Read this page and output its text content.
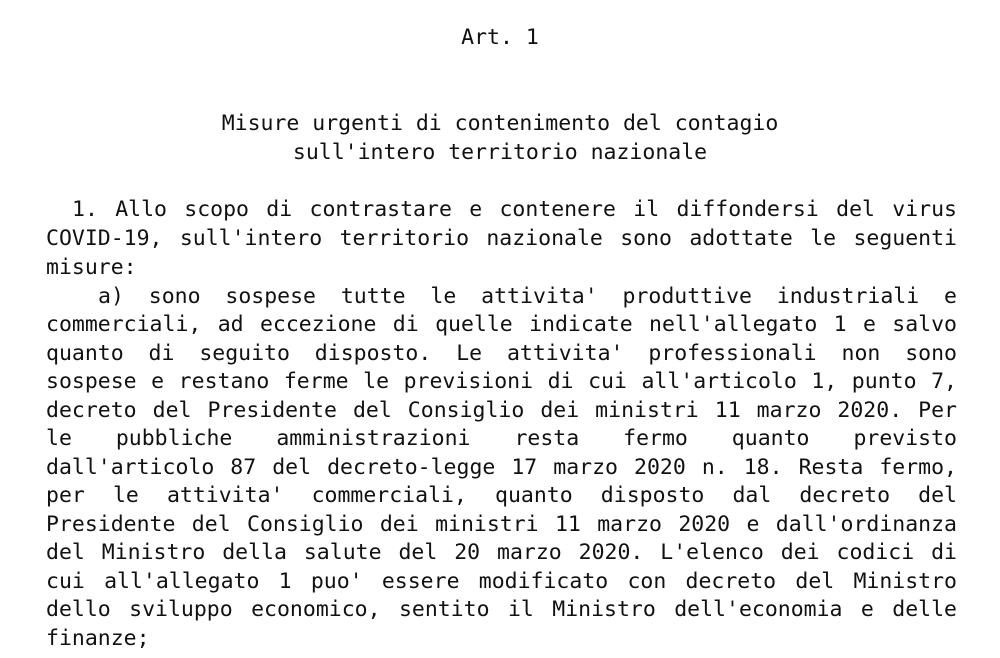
Art. 1

Misure urgenti di contenimento del contagio

sull'intero territorio nazionale

1. Allo scopo di contrastare e contenere il diffondersi del virus

COVID-19, sull'intero territorio nazionale sono adottate le seguenti

misure:

a) sono sospese tutte le attivita' produttive industriali e

commerciali, ad eccezione di quelle indicate nell'allegato 1 e salvo

quanto di seguito disposto. Le attivita' professionali non sono

sospese e restano ferme le previsioni di cui all'articolo 1, punto 7,

decreto del Presidente del Consiglio dei ministri 11 marzo 2020. Per

le pubbliche amministrazioni resta fermo quanto previsto

dall'articolo 87 del decreto-legge 17 marzo 2020 n. 18. Resta fermo,

per le attivita' commerciali, quanto disposto dal decreto del

Presidente del Consiglio dei ministri 11 marzo 2020 e dall'ordinanza

del Ministro della salute del 20 marzo 2020. L'elenco dei codici di

cui all'allegato 1 puo' essere modificato con decreto del Ministro

dello sviluppo economico, sentito il Ministro dell'economia e delle

finanze;
